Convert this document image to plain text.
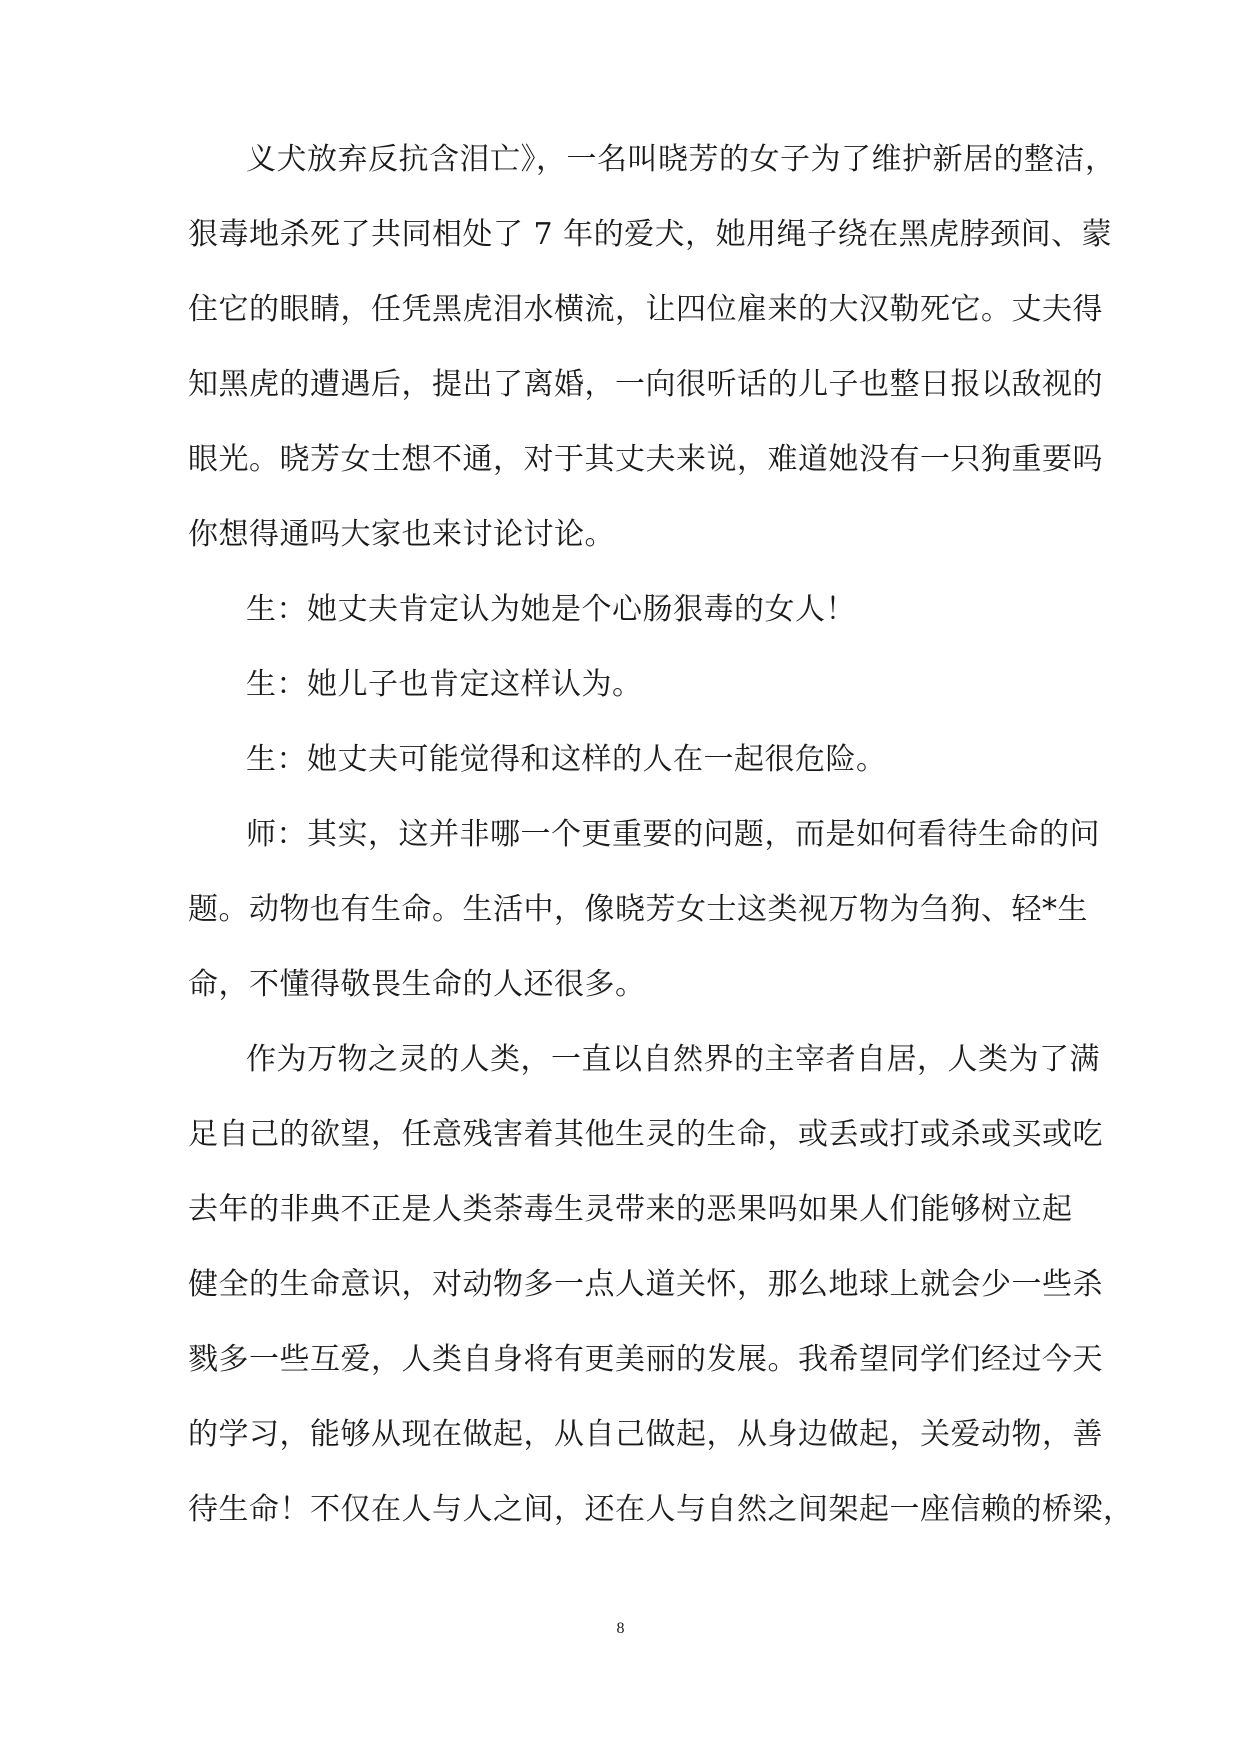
义犬放弃反抗含泪亡》，一名叫晓芳的女子为了维护新居的整洁，
狠毒地杀死了共同相处了 7 年的爱犬，她用绳子绕在黑虎脖颈间、蒙
住它的眼睛，任凭黑虎泪水横流，让四位雇来的大汉勒死它。丈夫得
知黑虎的遭遇后，提出了离婚，一向很听话的儿子也整日报以敌视的
眼光。晓芳女士想不通，对于其丈夫来说，难道她没有一只狗重要吗
你想得通吗大家也来讨论讨论。
生：她丈夫肯定认为她是个心肠狠毒的女人！
生：她儿子也肯定这样认为。
生：她丈夫可能觉得和这样的人在一起很危险。
师：其实，这并非哪一个更重要的问题，而是如何看待生命的问
题。动物也有生命。生活中，像晓芳女士这类视万物为刍狗、轻*生
命，不懂得敬畏生命的人还很多。
作为万物之灵的人类，一直以自然界的主宰者自居，人类为了满
足自己的欲望，任意残害着其他生灵的生命，或丢或打或杀或买或吃
去年的非典不正是人类荼毒生灵带来的恶果吗如果人们能够树立起
健全的生命意识，对动物多一点人道关怀，那么地球上就会少一些杀
戮多一些互爱，人类自身将有更美丽的发展。我希望同学们经过今天
的学习，能够从现在做起，从自己做起，从身边做起，关爱动物，善
待生命！不仅在人与人之间，还在人与自然之间架起一座信赖的桥梁，
8
